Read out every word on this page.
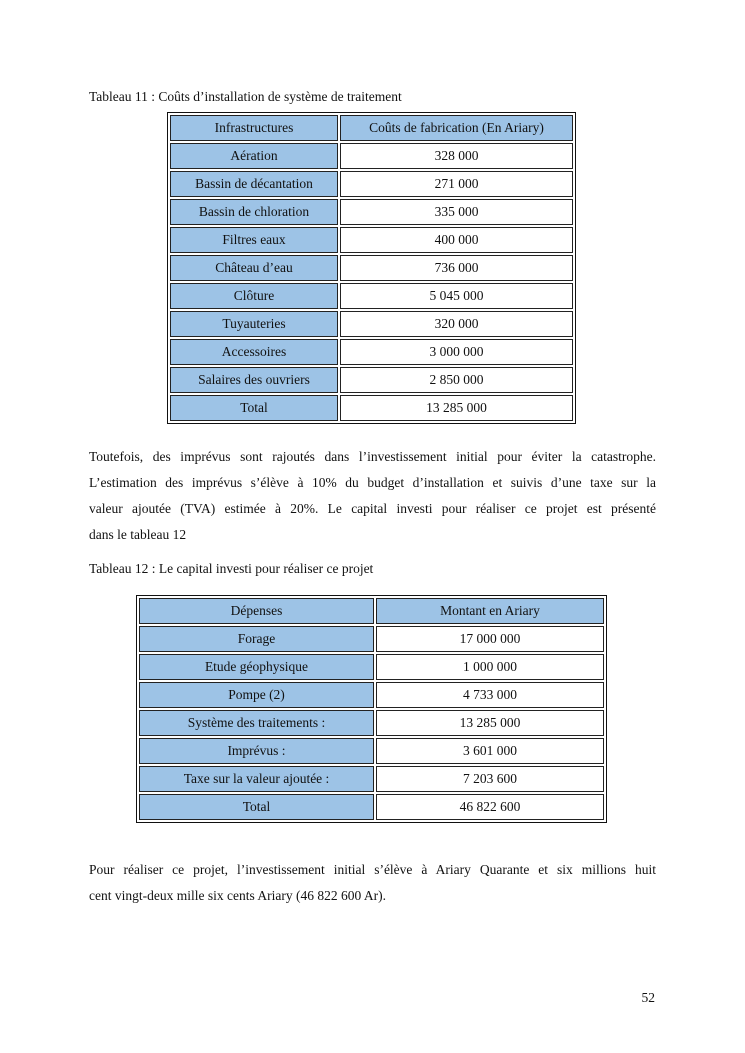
Tableau 11 : Coûts d’installation de système de traitement
Infrastructures	Coûts de fabrication (En Ariary)
Aération	328 000
Bassin de décantation	271 000
Bassin de chloration	335 000
Filtres eaux	400 000
Château d’eau	736 000
Clôture	5 045 000
Tuyauteries	320 000
Accessoires	3 000 000
Salaires des ouvriers	2 850 000
Total	13 285 000
Toutefois, des imprévus sont rajoutés dans l’investissement initial pour éviter la catastrophe.
L’estimation des imprévus s’élève à 10% du budget d’installation et suivis d’une taxe sur la
valeur ajoutée (TVA) estimée à 20%. Le capital investi pour réaliser ce projet est présenté
dans le tableau 12
Tableau 12 : Le capital investi pour réaliser ce projet
Dépenses	Montant en Ariary
Forage	17 000 000
Etude géophysique	1 000 000
Pompe (2)	4 733 000
Système des traitements :	13 285 000
Imprévus :	3 601 000
Taxe sur la valeur ajoutée :	7 203 600
Total	46 822 600
Pour réaliser ce projet, l’investissement initial s’élève à Ariary Quarante et six millions huit
cent vingt-deux mille six cents Ariary (46 822 600 Ar).
52
